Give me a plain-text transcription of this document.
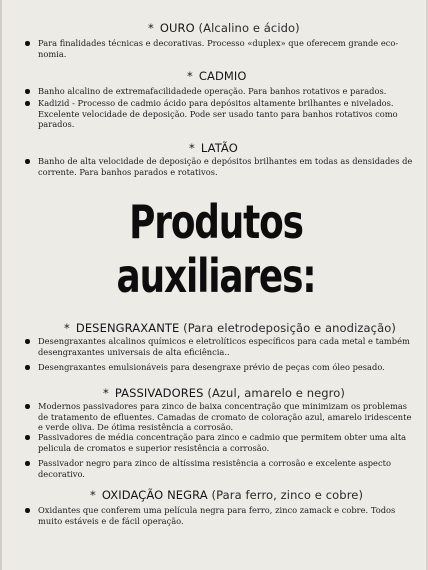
* OURO (Alcalino e ácido)
Para finalidades técnicas e decorativas. Processo «duplex» que oferecem grande eco-nomia.
* CADMIO
Banho alcalino de extremafacilidadede operação. Para banhos rotativos e parados.
Kadizid - Processo de cadmio ácido para depósitos altamente brilhantes e nivelados. Excelente velocidade de deposição. Pode ser usado tanto para banhos rotativos como parados.
* LATÃO
Banho de alta velocidade de deposição e depósitos brilhantes em todas as densidades de corrente. Para banhos parados e rotativos.
Produtos
auxiliares:
* DESENGRAXANTE (Para eletrodeposição e anodização)
Desengraxantes alcalinos químicos e eletrolíticos específicos para cada metal e também desengraxantes universais de alta eficiência..
Desengraxantes emulsionáveis para desengraxe prévio de peças com óleo pesado.
* PASSIVADORES (Azul, amarelo e negro)
Modernos passivadores para zinco de baixa concentração que minimizam os problemas de tratamento de efluentes. Camadas de cromato de coloração azul, amarelo iridescente e verde oliva. De ótima resistência a corrosão.
Passivadores de média concentração para zinco e cadmio que permitem obter uma alta pelicula de cromatos e superior resistência a corrosão.
Passivador negro para zinco de altíssima resistência a corrosão e excelente aspecto decorativo.
* OXIDAÇÃO NEGRA (Para ferro, zinco e cobre)
Oxidantes que conferem uma película negra para ferro, zinco zamack e cobre. Todos muito estáveis e de fácil operação.
